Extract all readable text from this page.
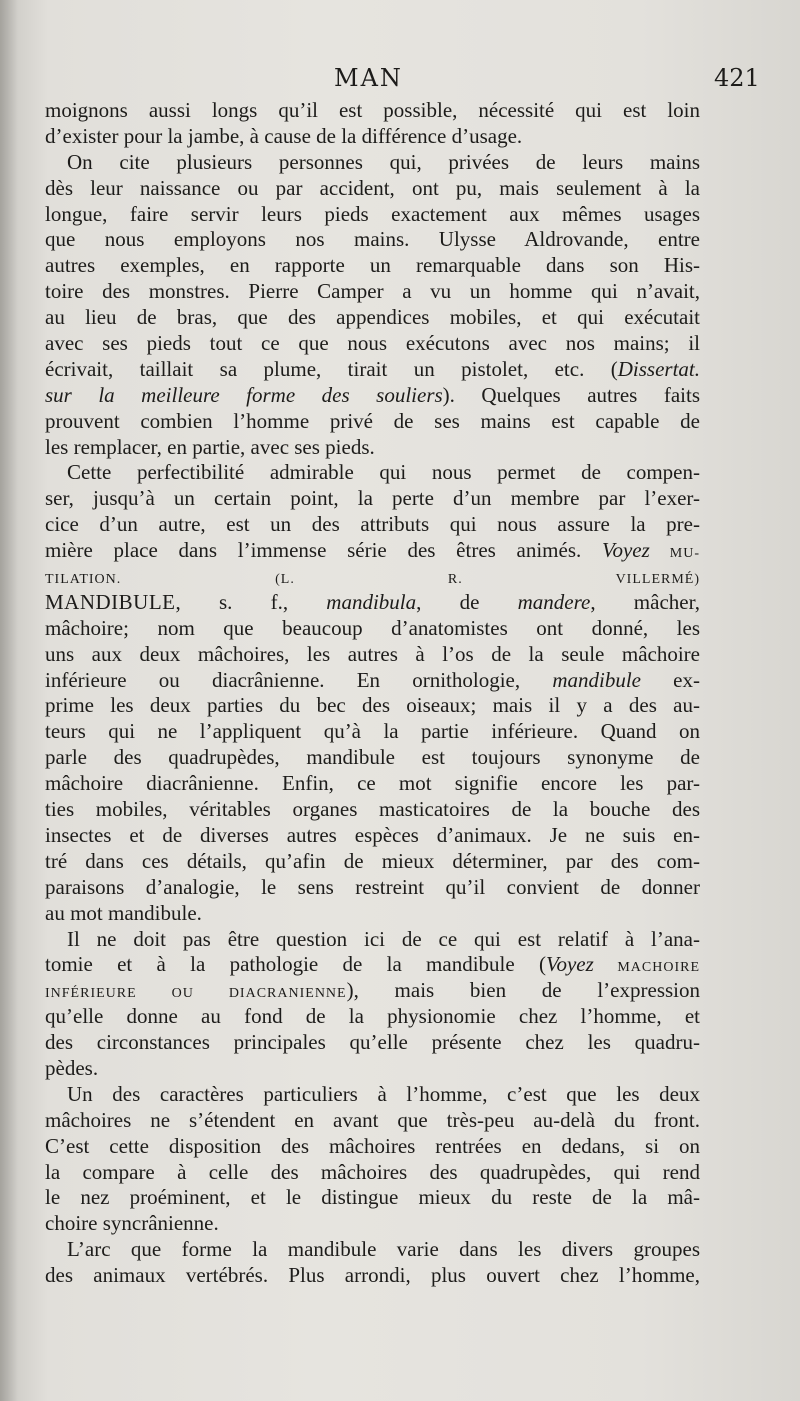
MAN	421
moignons aussi longs qu’il est possible, nécessité qui est loin
d’exister pour la jambe, à cause de la différence d’usage.
On cite plusieurs personnes qui, privées de leurs mains
dès leur naissance ou par accident, ont pu, mais seulement à la
longue, faire servir leurs pieds exactement aux mêmes usages
que nous employons nos mains. Ulysse Aldrovande, entre
autres exemples, en rapporte un remarquable dans son His-
toire des monstres. Pierre Camper a vu un homme qui n’avait,
au lieu de bras, que des appendices mobiles, et qui exécutait
avec ses pieds tout ce que nous exécutons avec nos mains; il
écrivait, taillait sa plume, tirait un pistolet, etc. (Dissertat.
sur la meilleure forme des souliers). Quelques autres faits
prouvent combien l’homme privé de ses mains est capable de
les remplacer, en partie, avec ses pieds.
Cette perfectibilité admirable qui nous permet de compen-
ser, jusqu’à un certain point, la perte d’un membre par l’exer-
cice d’un autre, est un des attributs qui nous assure la pre-
mière place dans l’immense série des êtres animés. Voyez MU-
TILATION.	(L. R. VILLERMÉ)
MANDIBULE, s. f., mandibula, de mandere, mâcher,
mâchoire; nom que beaucoup d’anatomistes ont donné, les
uns aux deux mâchoires, les autres à l’os de la seule mâchoire
inférieure ou diacrânienne. En ornithologie, mandibule ex-
prime les deux parties du bec des oiseaux; mais il y a des au-
teurs qui ne l’appliquent qu’à la partie inférieure. Quand on
parle des quadrupèdes, mandibule est toujours synonyme de
mâchoire diacrânienne. Enfin, ce mot signifie encore les par-
ties mobiles, véritables organes masticatoires de la bouche des
insectes et de diverses autres espèces d’animaux. Je ne suis en-
tré dans ces détails, qu’afin de mieux déterminer, par des com-
paraisons d’analogie, le sens restreint qu’il convient de donner
au mot mandibule.
Il ne doit pas être question ici de ce qui est relatif à l’ana-
tomie et à la pathologie de la mandibule (Voyez MACHOIRE
INFÉRIEURE OU DIACRANIENNE), mais bien de l’expression
qu’elle donne au fond de la physionomie chez l’homme, et
des circonstances principales qu’elle présente chez les quadru-
pèdes.
Un des caractères particuliers à l’homme, c’est que les deux
mâchoires ne s’étendent en avant que très-peu au-delà du front.
C’est cette disposition des mâchoires rentrées en dedans, si on
la compare à celle des mâchoires des quadrupèdes, qui rend
le nez proéminent, et le distingue mieux du reste de la mâ-
choire syncrânienne.
L’arc que forme la mandibule varie dans les divers groupes
des animaux vertébrés. Plus arrondi, plus ouvert chez l’homme,
